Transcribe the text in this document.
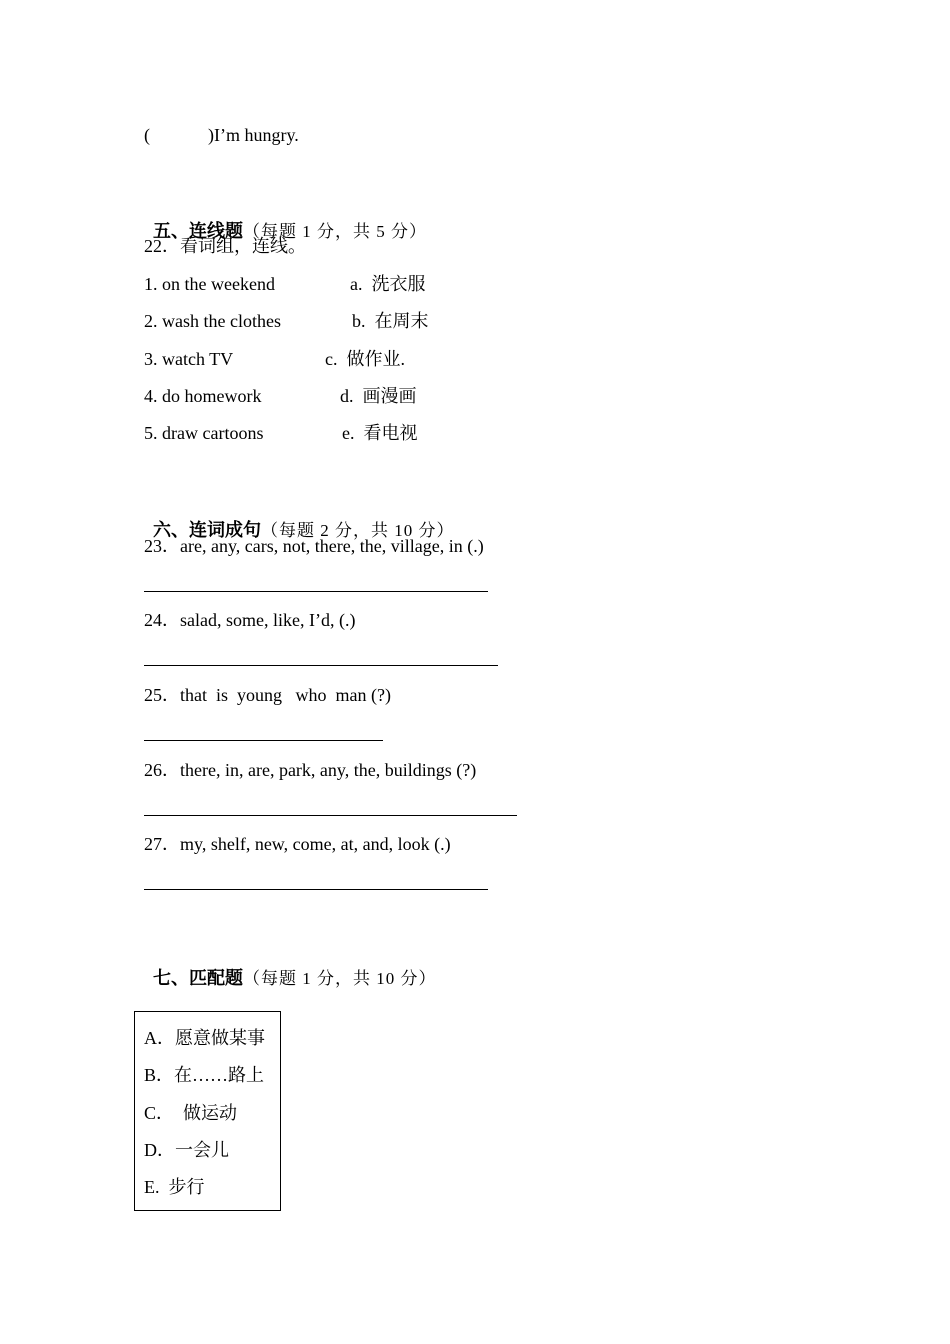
(	)I’m hungry.

五、连线题（每题 1 分，共 5 分）

22．看词组，连线。
1. on the weekend
2. wash the clothes
3. watch TV
4. do homework
5. draw cartoons
a.  洗衣服
b.  在周末
c.  做作业.
d.  画漫画
e.  看电视

六、连词成句（每题 2 分，共 10 分）

23．are, any, cars, not, there, the, village, in (.)
24．salad, some, like, I’d, (.)
25．that  is  young   who  man (?)
26．there, in, are, park, any, the, buildings (?)
27．my, shelf, new, come, at, and, look (.)

七、匹配题（每题 1 分，共 10 分）

A．愿意做某事
B．在……路上
C．  做运动
D．一会儿
E.  步行
